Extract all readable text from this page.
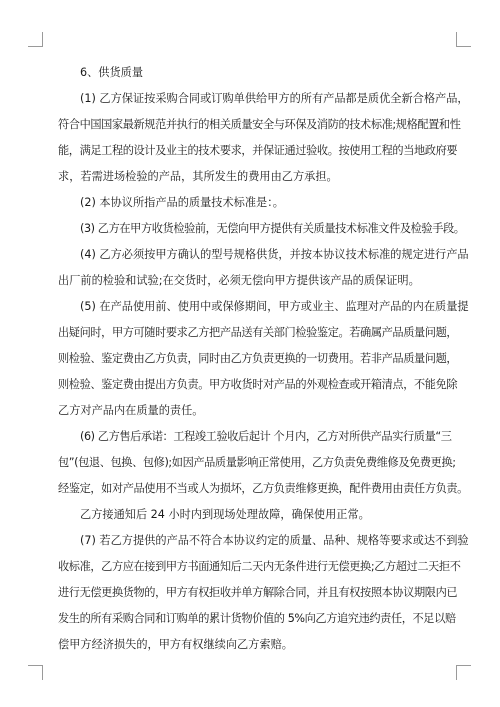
6、供货质量
(1) 乙方保证按采购合同或订购单供给甲方的所有产品都是质优全新合格产品，
符合中国国家最新规范并执行的相关质量安全与环保及消防的技术标准;规格配置和性
能，满足工程的设计及业主的技术要求，并保证通过验收。按使用工程的当地政府要
求，若需进场检验的产品，其所发生的费用由乙方承担。
(2) 本协议所指产品的质量技术标准是：。
(3) 乙方在甲方收货检验前，无偿向甲方提供有关质量技术标准文件及检验手段。
(4) 乙方必须按甲方确认的型号规格供货，并按本协议技术标准的规定进行产品
出厂前的检验和试验;在交货时，必须无偿向甲方提供该产品的质保证明。
(5) 在产品使用前、使用中或保修期间，甲方或业主、监理对产品的内在质量提
出疑问时，甲方可随时要求乙方把产品送有关部门检验鉴定。若确属产品质量问题，
则检验、鉴定费由乙方负责，同时由乙方负责更换的一切费用。若非产品质量问题，
则检验、鉴定费由提出方负责。甲方收货时对产品的外观检查或开箱清点，不能免除
乙方对产品内在质量的责任。
(6) 乙方售后承诺：工程竣工验收后起计 个月内，乙方对所供产品实行质量“三
包”(包退、包换、包修);如因产品质量影响正常使用，乙方负责免费维修及免费更换;
经鉴定，如对产品使用不当或人为损坏，乙方负责维修更换，配件费用由责任方负责。
乙方接通知后 24 小时内到现场处理故障，确保使用正常。
(7) 若乙方提供的产品不符合本协议约定的质量、品种、规格等要求或达不到验
收标准，乙方应在接到甲方书面通知后二天内无条件进行无偿更换;乙方超过二天拒不
进行无偿更换货物的，甲方有权拒收并单方解除合同，并且有权按照本协议期限内已
发生的所有采购合同和订购单的累计货物价值的 5%向乙方追究违约责任，不足以赔
偿甲方经济损失的，甲方有权继续向乙方索赔。
